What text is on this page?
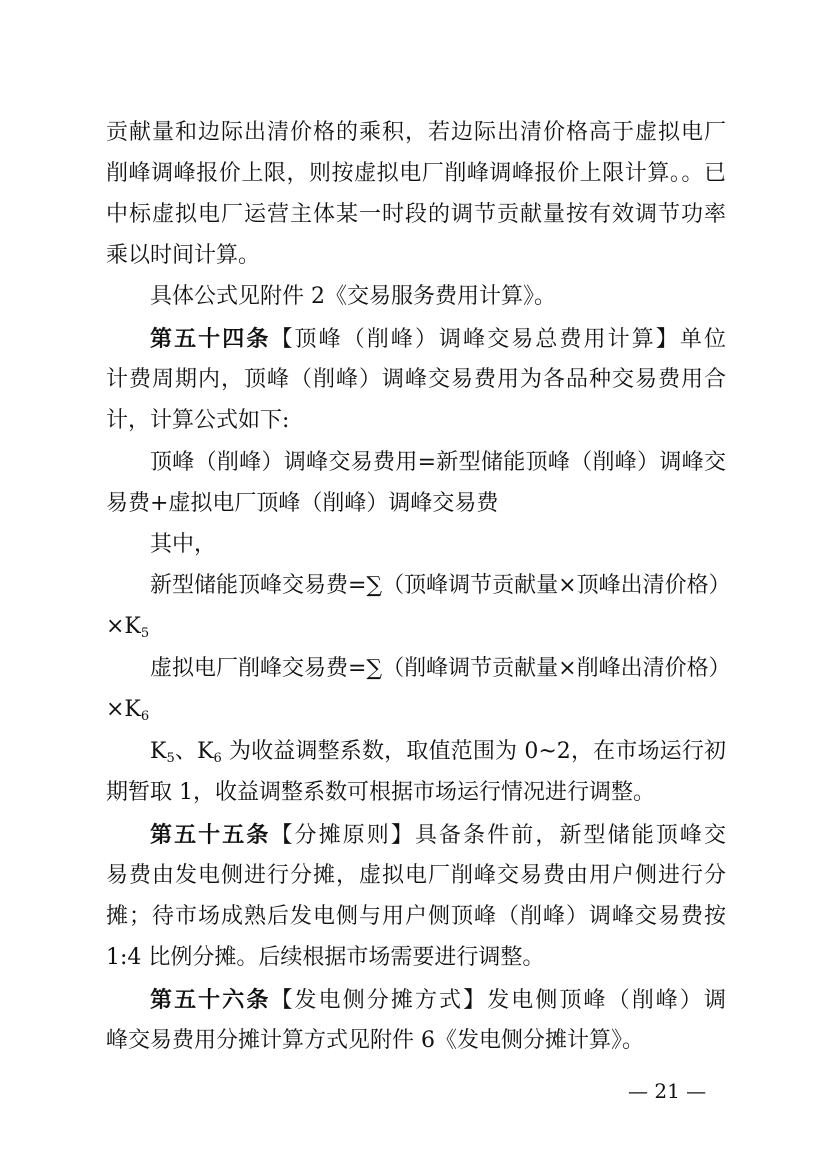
贡献量和边际出清价格的乘积，若边际出清价格高于虚拟电厂
削峰调峰报价上限，则按虚拟电厂削峰调峰报价上限计算。。已
中标虚拟电厂运营主体某一时段的调节贡献量按有效调节功率
乘以时间计算。
具体公式见附件 2《交易服务费用计算》。
第五十四条【顶峰（削峰）调峰交易总费用计算】单位
计费周期内，顶峰（削峰）调峰交易费用为各品种交易费用合
计，计算公式如下:
顶峰（削峰）调峰交易费用=新型储能顶峰（削峰）调峰交
易费+虚拟电厂顶峰（削峰）调峰交易费
其中，
新型储能顶峰交易费=∑（顶峰调节贡献量×顶峰出清价格）
$\times K_5$
虚拟电厂削峰交易费=∑（削峰调节贡献量×削峰出清价格）
$\times K_6$
$K_5$、$K_6$ 为收益调整系数，取值范围为 0~2，在市场运行初
期暂取 1，收益调整系数可根据市场运行情况进行调整。
第五十五条【分摊原则】具备条件前，新型储能顶峰交
易费由发电侧进行分摊，虚拟电厂削峰交易费由用户侧进行分
摊；待市场成熟后发电侧与用户侧顶峰（削峰）调峰交易费按
1:4 比例分摊。后续根据市场需要进行调整。
第五十六条【发电侧分摊方式】发电侧顶峰（削峰）调
峰交易费用分摊计算方式见附件 6《发电侧分摊计算》。
— 21 —
